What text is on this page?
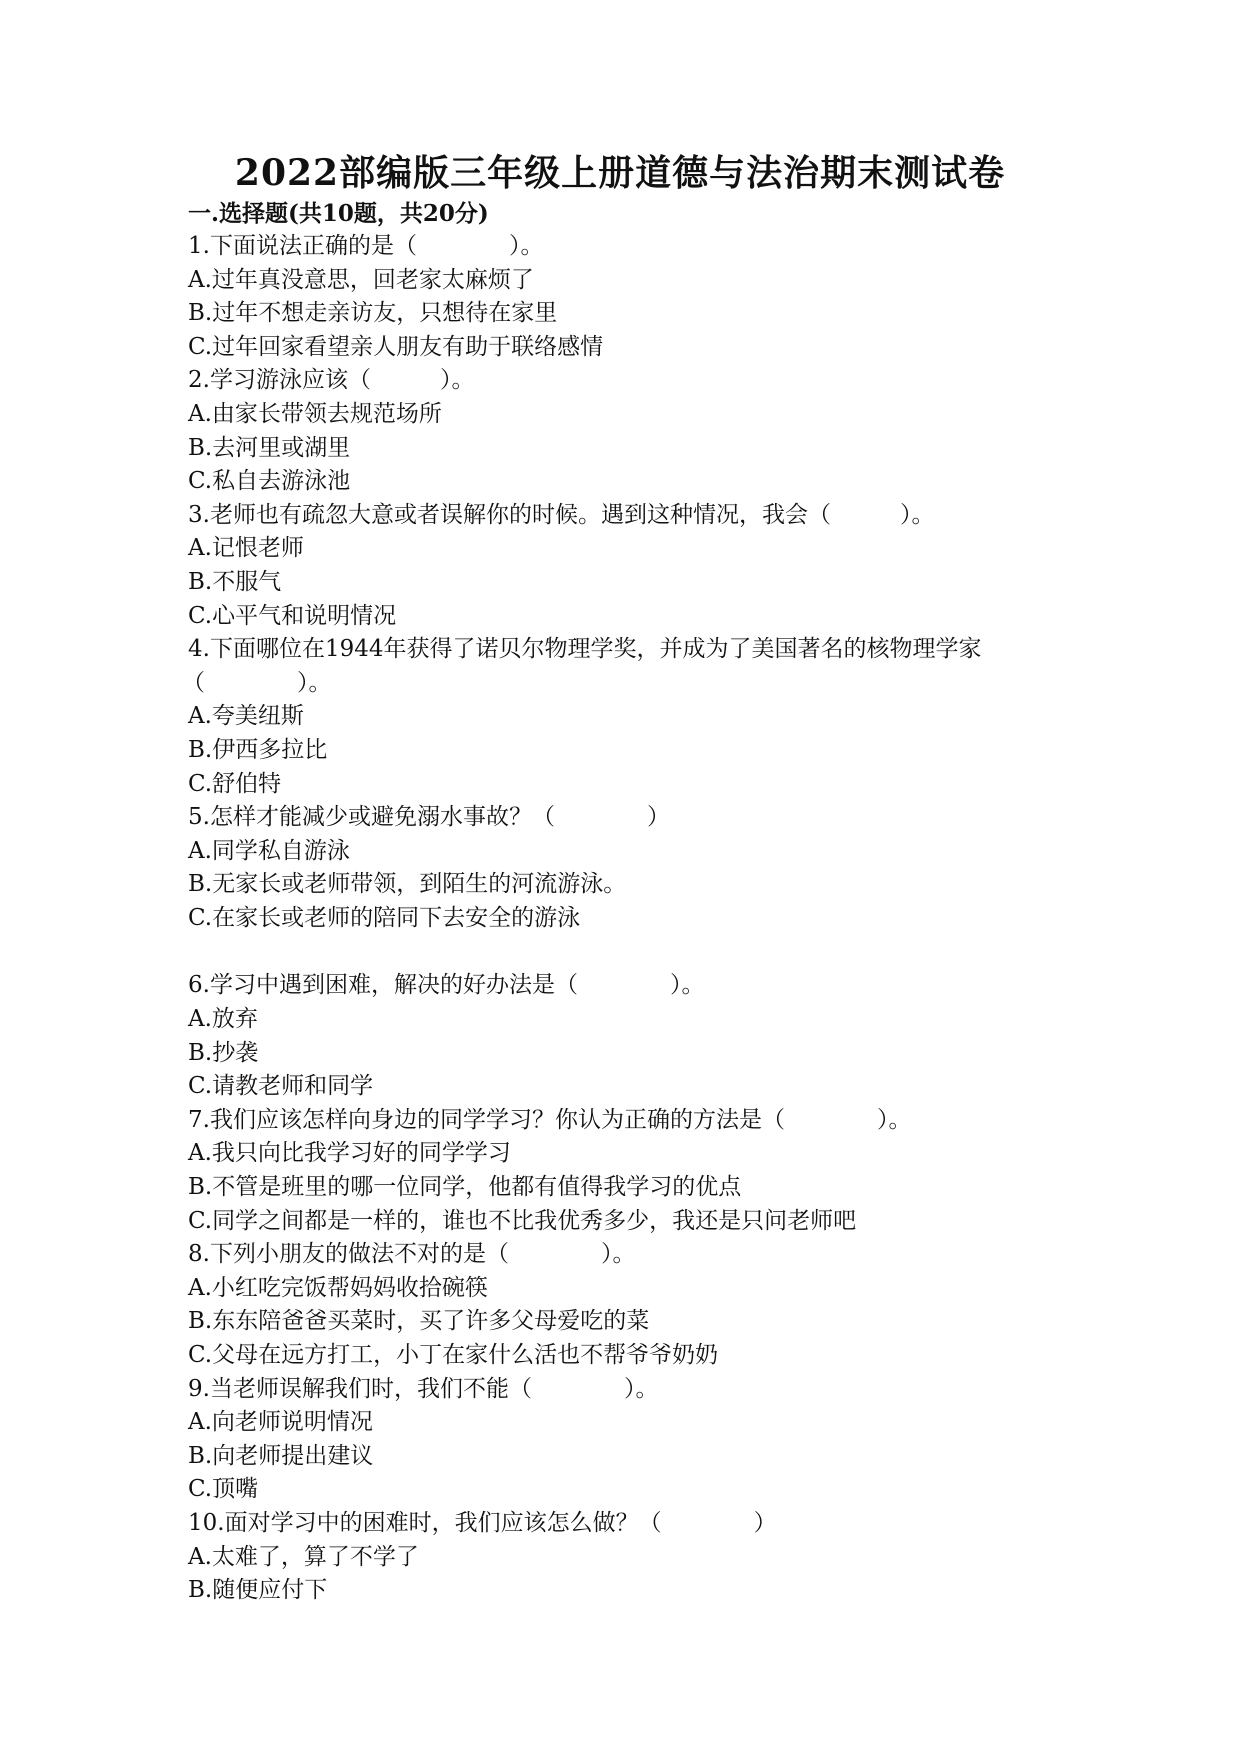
2022部编版三年级上册道德与法治期末测试卷
一.选择题(共10题，共20分)
1.下面说法正确的是（　　　　）。
A.过年真没意思，回老家太麻烦了
B.过年不想走亲访友，只想待在家里
C.过年回家看望亲人朋友有助于联络感情
2.学习游泳应该（　　　）。
A.由家长带领去规范场所
B.去河里或湖里
C.私自去游泳池
3.老师也有疏忽大意或者误解你的时候。遇到这种情况，我会（　　　）。
A.记恨老师
B.不服气
C.心平气和说明情况
4.下面哪位在1944年获得了诺贝尔物理学奖，并成为了美国著名的核物理学家
（　　　　）。
A.夸美纽斯
B.伊西多拉比
C.舒伯特
5.怎样才能减少或避免溺水事故？（　　　　）
A.同学私自游泳
B.无家长或老师带领，到陌生的河流游泳。
C.在家长或老师的陪同下去安全的游泳
6.学习中遇到困难，解决的好办法是（　　　　）。
A.放弃
B.抄袭
C.请教老师和同学
7.我们应该怎样向身边的同学学习？你认为正确的方法是（　　　　）。
A.我只向比我学习好的同学学习
B.不管是班里的哪一位同学，他都有值得我学习的优点
C.同学之间都是一样的，谁也不比我优秀多少，我还是只问老师吧
8.下列小朋友的做法不对的是（　　　　）。
A.小红吃完饭帮妈妈收拾碗筷
B.东东陪爸爸买菜时，买了许多父母爱吃的菜
C.父母在远方打工，小丁在家什么活也不帮爷爷奶奶
9.当老师误解我们时，我们不能（　　　　）。
A.向老师说明情况
B.向老师提出建议
C.顶嘴
10.面对学习中的困难时，我们应该怎么做？（　　　　）
A.太难了，算了不学了
B.随便应付下
